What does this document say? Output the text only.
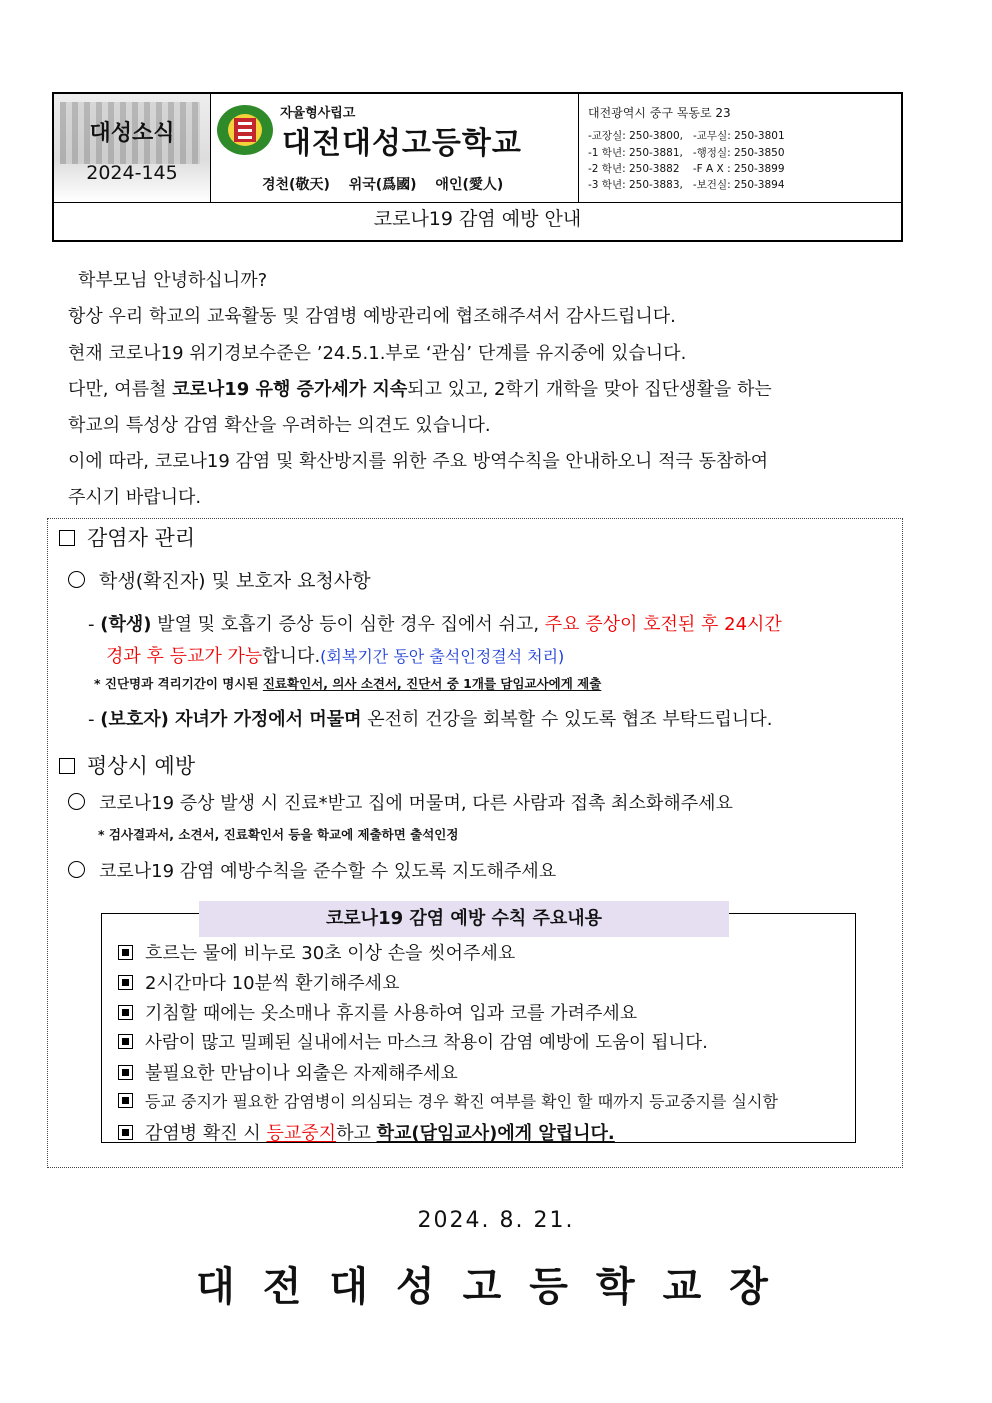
대성소식
2024-145
자율형사립고
대전대성고등학교
경천(敬天) 위국(爲國) 애인(愛人)
대전광역시 중구 목동로 23
-교장실: 250-3800,   -교무실: 250-3801
-1 학년: 250-3881,   -행정실: 250-3850
-2 학년: 250-3882    -F A X : 250-3899
-3 학년: 250-3883,   -보건실: 250-3894
코로나19 감염 예방 안내
학부모님 안녕하십니까?
항상 우리 학교의 교육활동 및 감염병 예방관리에 협조해주셔서 감사드립니다.
현재 코로나19 위기경보수준은 ’24.5.1.부로 ‘관심’ 단계를 유지중에 있습니다.
다만, 여름철 코로나19 유행 증가세가 지속되고 있고, 2학기 개학을 맞아 집단생활을 하는
학교의 특성상 감염 확산을 우려하는 의견도 있습니다.
이에 따라, 코로나19 감염 및 확산방지를 위한 주요 방역수칙을 안내하오니 적극 동참하여
주시기 바랍니다.
감염자 관리
학생(확진자) 및 보호자 요청사항
- (학생) 발열 및 호흡기 증상 등이 심한 경우 집에서 쉬고, 주요 증상이 호전된 후 24시간
경과 후 등교가 가능합니다.(회복기간 동안 출석인정결석 처리)
* 진단명과 격리기간이 명시된 진료확인서, 의사 소견서, 진단서 중 1개를 담임교사에게 제출
- (보호자) 자녀가 가정에서 머물며 온전히 건강을 회복할 수 있도록 협조 부탁드립니다.
평상시 예방
코로나19 증상 발생 시 진료*받고 집에 머물며, 다른 사람과 접촉 최소화해주세요
* 검사결과서, 소견서, 진료확인서 등을 학교에 제출하면 출석인정
코로나19 감염 예방수칙을 준수할 수 있도록 지도해주세요
코로나19 감염 예방 수칙 주요내용
흐르는 물에 비누로 30초 이상 손을 씻어주세요
2시간마다 10분씩 환기해주세요
기침할 때에는 옷소매나 휴지를 사용하여 입과 코를 가려주세요
사람이 많고 밀폐된 실내에서는 마스크 착용이 감염 예방에 도움이 됩니다.
불필요한 만남이나 외출은 자제해주세요
등교 중지가 필요한 감염병이 의심되는 경우 확진 여부를 확인 할 때까지 등교중지를 실시함
감염병 확진 시 등교중지하고 학교(담임교사)에게 알립니다.
2024. 8. 21.
대전대성고등학교장
